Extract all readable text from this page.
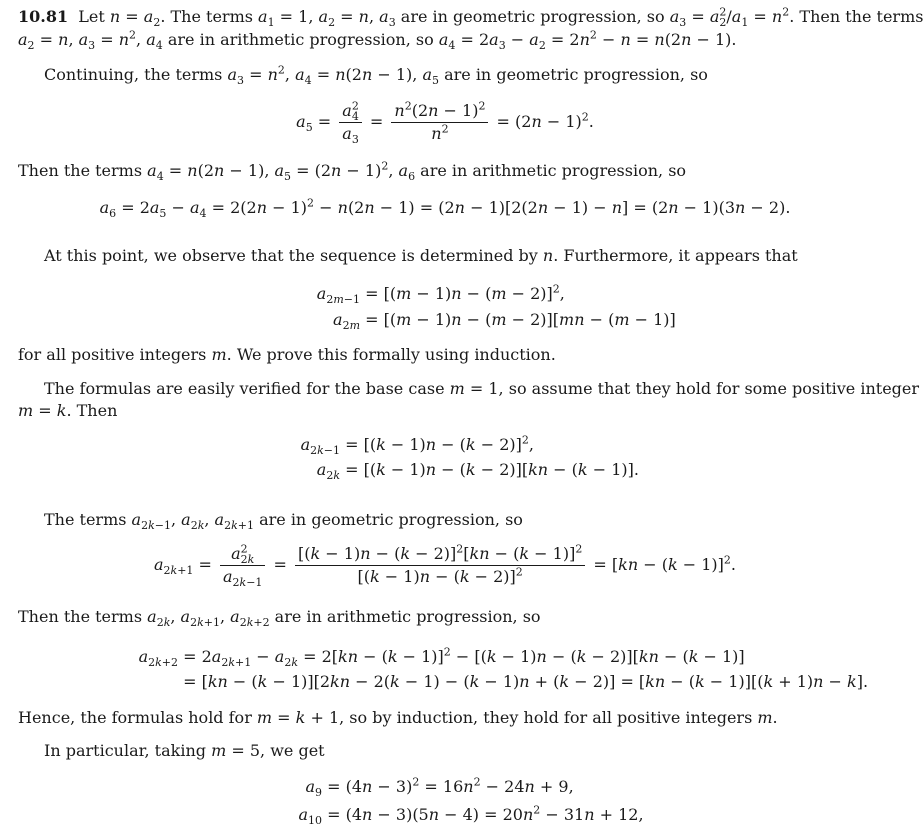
10.81  Let $n = a_2$. The terms $a_1 = 1$, $a_2 = n$, $a_3$ are in geometric progression, so $a_3 = a^2_2/a_1 = n^2$. Then the terms
$a_2 = n$, $a_3 = n^2$, $a_4$ are in arithmetic progression, so $a_4 = 2a_3 - a_2 = 2n^2 - n = n(2n - 1)$.
Continuing, the terms $a_3 = n^2$, $a_4 = n(2n - 1)$, $a_5$ are in geometric progression, so
$a_5 = \frac{a^2_4}{a_3} = \frac{n^2(2n - 1)^2}{n^2} = (2n - 1)^2$.
Then the terms $a_4 = n(2n - 1)$, $a_5 = (2n - 1)^2$, $a_6$ are in arithmetic progression, so
$a_6 = 2a_5 - a_4 = 2(2n - 1)^2 - n(2n - 1) = (2n - 1)[2(2n - 1) - n] = (2n - 1)(3n - 2)$.
At this point, we observe that the sequence is determined by n. Furthermore, it appears that
$a_{2m-1} = [(m - 1)n - (m - 2)]^2$,
$a_{2m} = [(m - 1)n - (m - 2)][mn - (m - 1)]$
for all positive integers m. We prove this formally using induction.
The formulas are easily verified for the base case m = 1, so assume that they hold for some positive integer
m = k. Then
$a_{2k-1} = [(k - 1)n - (k - 2)]^2$,
$a_{2k} = [(k - 1)n - (k - 2)][kn - (k - 1)]$.
The terms $a_{2k-1}$, $a_{2k}$, $a_{2k+1}$ are in geometric progression, so
$a_{2k+1} = \frac{a^2_{2k}}{a_{2k-1}} = \frac{[(k - 1)n - (k - 2)]^2[kn - (k - 1)]^2}{[(k - 1)n - (k - 2)]^2} = [kn - (k - 1)]^2$.
Then the terms $a_{2k}$, $a_{2k+1}$, $a_{2k+2}$ are in arithmetic progression, so
$a_{2k+2} = 2a_{2k+1} - a_{2k} = 2[kn - (k - 1)]^2 - [(k - 1)n - (k - 2)][kn - (k - 1)]$
= [kn − (k − 1)][2kn − 2(k − 1) − (k − 1)n + (k − 2)] = [kn − (k − 1)][(k + 1)n − k].
Hence, the formulas hold for m = k + 1, so by induction, they hold for all positive integers m.
In particular, taking m = 5, we get
$a_9 = (4n - 3)^2 = 16n^2 - 24n + 9$,
$a_{10} = (4n - 3)(5n - 4) = 20n^2 - 31n + 12$,
